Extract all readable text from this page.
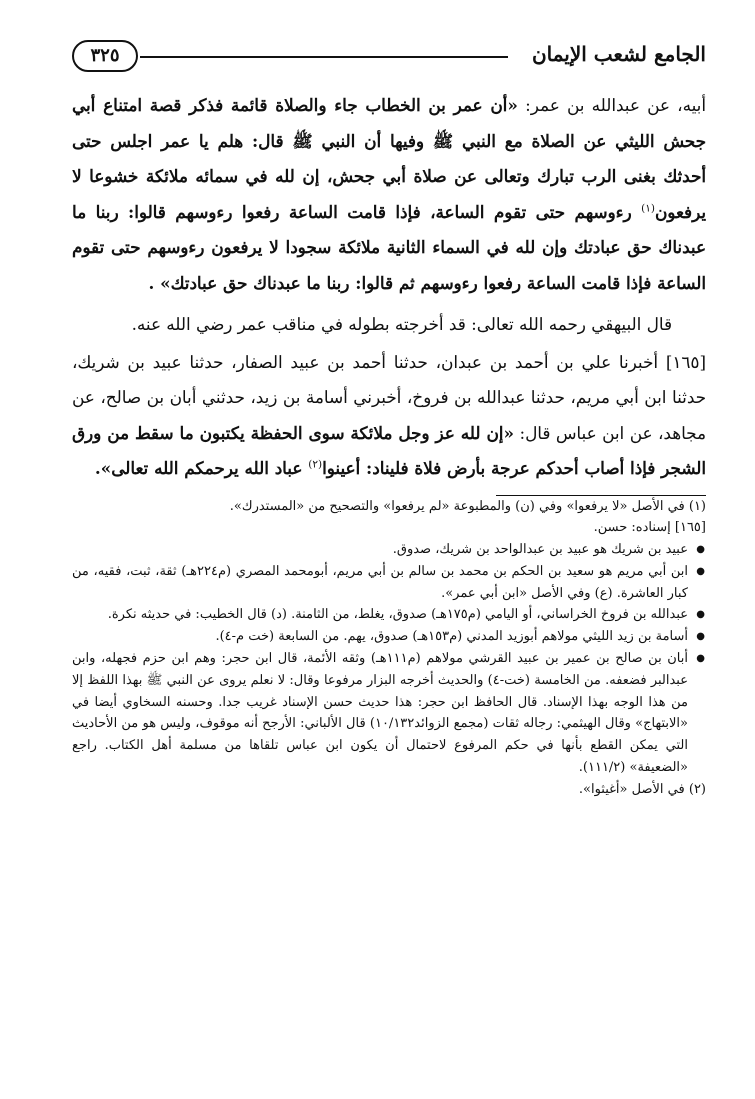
الجامع لشعب الإيمان
٣٢٥

أبيه، عن عبدالله بن عمر: «أن عمر بن الخطاب جاء والصلاة قائمة فذكر قصة امتناع أبي جحش الليثي عن الصلاة مع النبي ﷺ وفيها أن النبي ﷺ قال: هلم يا عمر اجلس حتى أحدثك بغنى الرب تبارك وتعالى عن صلاة أبي جحش، إن لله في سمائه ملائكة خشوعا لا يرفعون$^{(١)}$ رءوسهم حتى تقوم الساعة، فإذا قامت الساعة رفعوا رءوسهم قالوا: ربنا ما عبدناك حق عبادتك وإن لله في السماء الثانية ملائكة سجودا لا يرفعون رءوسهم حتى تقوم الساعة فإذا قامت الساعة رفعوا رءوسهم ثم قالوا: ربنا ما عبدناك حق عبادتك» .

قال البيهقي رحمه الله تعالى: قد أخرجته بطوله في مناقب عمر رضي الله عنه.

[١٦٥] أخبرنا علي بن أحمد بن عبدان، حدثنا أحمد بن عبيد الصفار، حدثنا عبيد بن شريك، حدثنا ابن أبي مريم، حدثنا عبدالله بن فروخ، أخبرني أسامة بن زيد، حدثني أبان بن صالح، عن مجاهد، عن ابن عباس قال: «إن لله عز وجل ملائكة سوى الحفظة يكتبون ما سقط من ورق الشجر فإذا أصاب أحدكم عرجة بأرض فلاة فليناد: أعينوا$^{(٢)}$ عباد الله يرحمكم الله تعالى».

(١) في الأصل «لا يرفعوا» وفي (ن) والمطبوعة «لم يرفعوا» والتصحيح من «المستدرك».

[١٦٥] إسناده: حسن.

● عبيد بن شريك هو عبيد بن عبدالواحد بن شريك، صدوق.
● ابن أبي مريم هو سعيد بن الحكم بن محمد بن سالم بن أبي مريم، أبومحمد المصري (م٢٢٤هـ) ثقة، ثبت، فقيه، من كبار العاشرة. (ع) وفي الأصل «ابن أبي عمر».
● عبدالله بن فروخ الخراساني، أو اليامي (م١٧٥هـ) صدوق، يغلط، من الثامنة. (د) قال الخطيب: في حديثه نكرة.
● أسامة بن زيد الليثي مولاهم أبوزيد المدني (م١٥٣هـ) صدوق، يهم. من السابعة (خت م-٤).
● أبان بن صالح بن عمير بن عبيد القرشي مولاهم (م١١١هـ) وثقه الأئمة، قال ابن حجر: وهم ابن حزم فجهله، وابن عبدالبر فضعفه. من الخامسة (خت-٤) والحديث أخرجه البزار مرفوعا وقال: لا نعلم يروى عن النبي ﷺ بهذا اللفظ إلا من هذا الوجه بهذا الإسناد. قال الحافظ ابن حجر: هذا حديث حسن الإسناد غريب جدا. وحسنه السخاوي أيضا في «الابتهاج» وقال الهيثمي: رجاله ثقات (مجمع الزوائد١٠/١٣٢) قال الألباني: الأرجح أنه موقوف، وليس هو من الأحاديث التي يمكن القطع بأنها في حكم المرفوع لاحتمال أن يكون ابن عباس تلقاها من مسلمة أهل الكتاب. راجع «الضعيفة» (١١١/٢).

(٢) في الأصل «أغيثوا».
